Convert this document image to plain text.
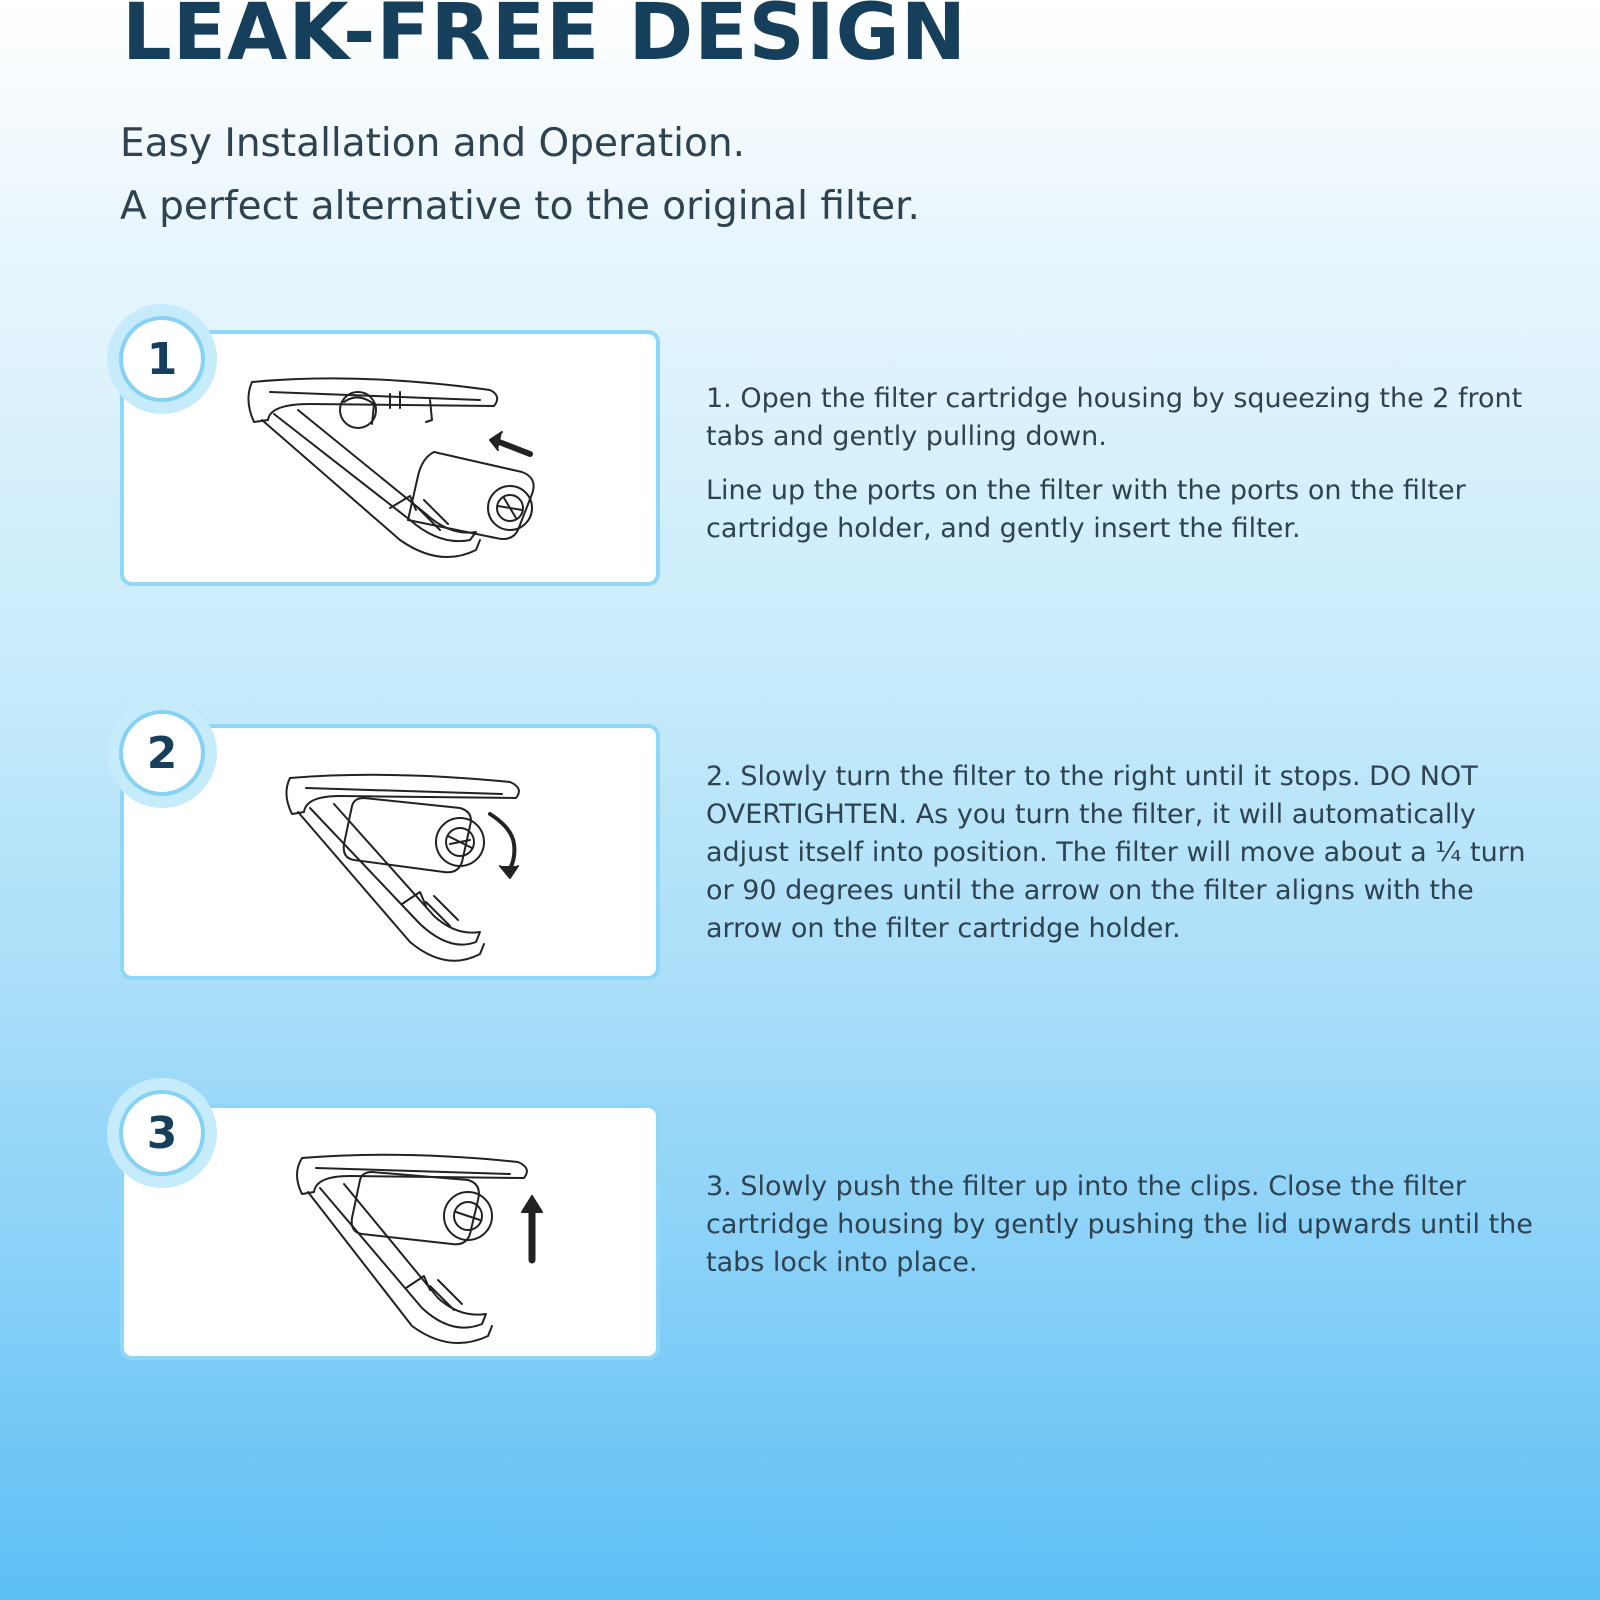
LEAK-FREE DESIGN
Easy Installation and Operation.
A perfect alternative to the original filter.
1

1. Open the filter cartridge housing by squeezing the 2 front tabs and gently pulling down.

Line up the ports on the filter with the ports on the filter cartridge holder, and gently insert the filter.

2	2. Slowly turn the filter to the right until it stops. DO NOT OVERTIGHTEN. As you turn the filter, it will automatically adjust itself into position. The filter will move about a ¼ turn or 90 degrees until the arrow on the filter aligns with the arrow on the filter cartridge holder.

3

3. Slowly push the filter up into the clips. Close the filter cartridge housing by gently pushing the lid upwards until the tabs lock into place.
